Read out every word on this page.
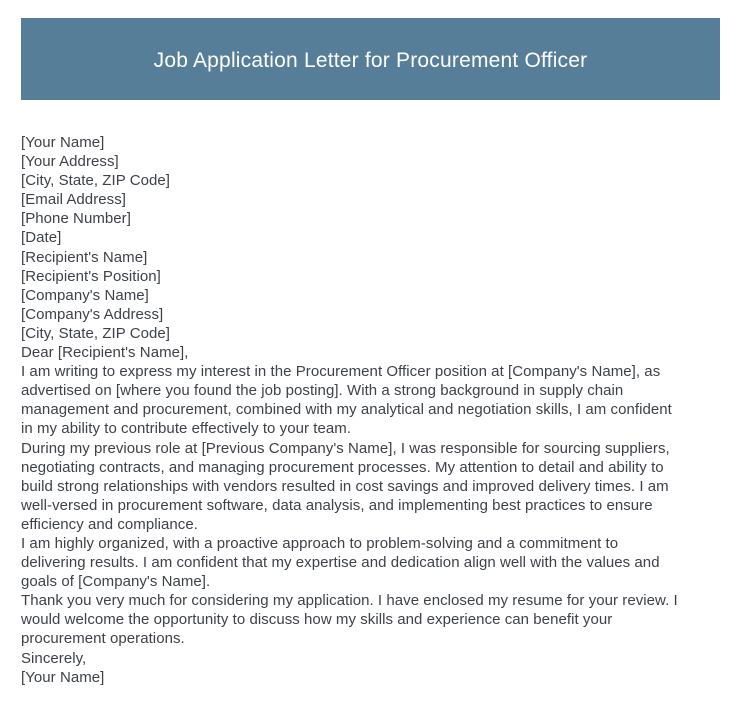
Job Application Letter for Procurement Officer
[Your Name]
[Your Address]
[City, State, ZIP Code]
[Email Address]
[Phone Number]
[Date]
[Recipient's Name]
[Recipient's Position]
[Company's Name]
[Company's Address]
[City, State, ZIP Code]
Dear [Recipient's Name],
I am writing to express my interest in the Procurement Officer position at [Company's Name], as
advertised on [where you found the job posting]. With a strong background in supply chain
management and procurement, combined with my analytical and negotiation skills, I am confident
in my ability to contribute effectively to your team.
During my previous role at [Previous Company's Name], I was responsible for sourcing suppliers,
negotiating contracts, and managing procurement processes. My attention to detail and ability to
build strong relationships with vendors resulted in cost savings and improved delivery times. I am
well-versed in procurement software, data analysis, and implementing best practices to ensure
efficiency and compliance.
I am highly organized, with a proactive approach to problem-solving and a commitment to
delivering results. I am confident that my expertise and dedication align well with the values and
goals of [Company's Name].
Thank you very much for considering my application. I have enclosed my resume for your review. I
would welcome the opportunity to discuss how my skills and experience can benefit your
procurement operations.
Sincerely,
[Your Name]
